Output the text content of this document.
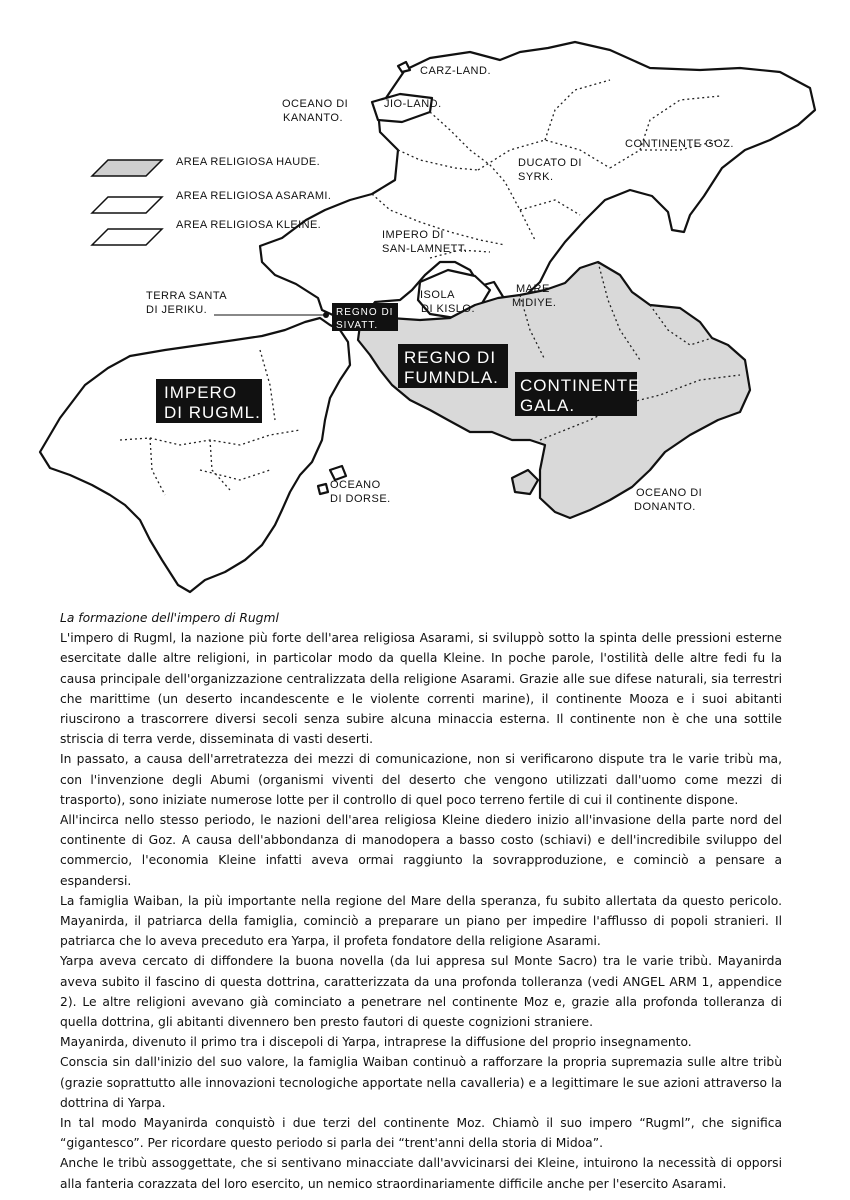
AREA RELIGIOSA HAUDE.
AREA RELIGIOSA ASARAMI.
AREA RELIGIOSA KLEINE.
CARZ-LAND.
JIO-LAND.
OCEANO DI
KANANTO.
CONTINENTE GOZ.
DUCATO DI
SYRK.
IMPERO DI
SAN-LAMNETT.
TERRA SANTA
DI JERIKU.
ISOLA
DI KISLO.
MARE
MIDIYE.
OCEANO
DI DORSE.	OCEANO DI
DONANTO.
REGNO DI
SIVATT.
REGNO DI
FUMNDLA. CONTINENTE
GALA.
IMPERO
DI RUGML.

La formazione dell'impero di Rugml

L'impero di Rugml, la nazione più forte dell'area religiosa Asarami, si sviluppò sotto la spinta delle pressioni esterne esercitate dalle altre religioni, in particolar modo da quella Kleine. In poche parole, l'ostilità delle altre fedi fu la causa principale dell'organizzazione centralizzata della religione Asarami. Grazie alle sue difese naturali, sia terrestri che marittime (un deserto incandescente e le violente correnti marine), il continente Mooza e i suoi abitanti riuscirono a trascorrere diversi secoli senza subire alcuna minaccia esterna. Il continente non è che una sottile striscia di terra verde, disseminata di vasti deserti.

In passato, a causa dell'arretratezza dei mezzi di comunicazione, non si verificarono dispute tra le varie tribù ma, con l'invenzione degli Abumi (organismi viventi del deserto che vengono utilizzati dall'uomo come mezzi di trasporto), sono iniziate numerose lotte per il controllo di quel poco terreno fertile di cui il continente dispone.

All'incirca nello stesso periodo, le nazioni dell'area religiosa Kleine diedero inizio all'invasione della parte nord del continente di Goz. A causa dell'abbondanza di manodopera a basso costo (schiavi) e dell'incredibile sviluppo del commercio, l'economia Kleine infatti aveva ormai raggiunto la sovrapproduzione, e cominciò a pensare a espandersi.

La famiglia Waiban, la più importante nella regione del Mare della speranza, fu subito allertata da questo pericolo. Mayanirda, il patriarca della famiglia, cominciò a preparare un piano per impedire l'afflusso di popoli stranieri. Il patriarca che lo aveva preceduto era Yarpa, il profeta fondatore della religione Asarami.

Yarpa aveva cercato di diffondere la buona novella (da lui appresa sul Monte Sacro) tra le varie tribù. Mayanirda aveva subito il fascino di questa dottrina, caratterizzata da una profonda tolleranza (vedi ANGEL ARM 1, appendice 2). Le altre religioni avevano già cominciato a penetrare nel continente Moz e, grazie alla profonda tolleranza di quella dottrina, gli abitanti divennero ben presto fautori di queste cognizioni straniere.

Mayanirda, divenuto il primo tra i discepoli di Yarpa, intraprese la diffusione del proprio insegnamento.

Conscia sin dall'inizio del suo valore, la famiglia Waiban continuò a rafforzare la propria supremazia sulle altre tribù (grazie soprattutto alle innovazioni tecnologiche apportate nella cavalleria) e a legittimare le sue azioni attraverso la dottrina di Yarpa.

In tal modo Mayanirda conquistò i due terzi del continente Moz. Chiamò il suo impero “Rugml”, che significa “gigantesco”. Per ricordare questo periodo si parla dei “trent'anni della storia di Midoa”.

Anche le tribù assoggettate, che si sentivano minacciate dall'avvicinarsi dei Kleine, intuirono la necessità di opporsi alla fanteria corazzata del loro esercito, un nemico straordinariamente difficile anche per l'esercito Asarami.
